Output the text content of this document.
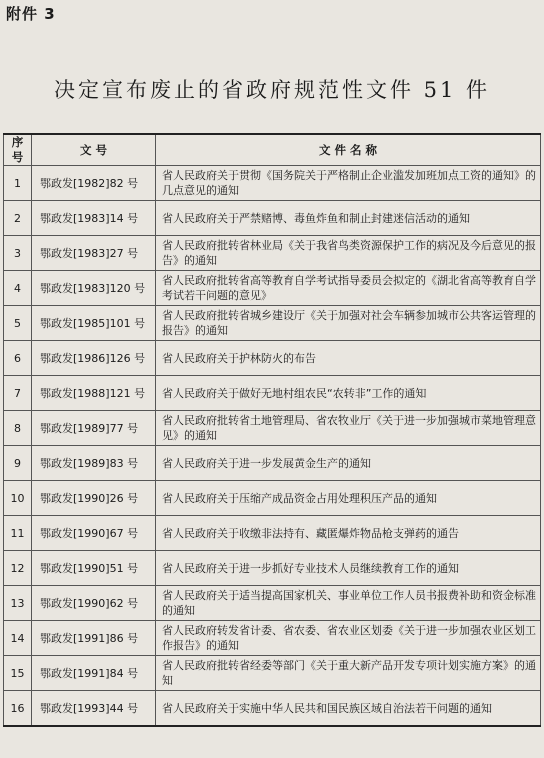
附件 3
决定宣布废止的省政府规范性文件 51 件
序号	文 号	文 件 名 称
1	鄂政发[1982]82 号	省人民政府关于贯彻《国务院关于严格制止企业滥发加班加点工资的通知》的几点意见的通知
2	鄂政发[1983]14 号	省人民政府关于严禁赌博、毒鱼炸鱼和制止封建迷信活动的通知
3	鄂政发[1983]27 号	省人民政府批转省林业局《关于我省鸟类资源保护工作的病况及今后意见的报告》的通知
4	鄂政发[1983]120 号	省人民政府批转省高等教育自学考试指导委员会拟定的《湖北省高等教育自学考试若干问题的意见》
5	鄂政发[1985]101 号	省人民政府批转省城乡建设厅《关于加强对社会车辆参加城市公共客运管理的报告》的通知
6	鄂政发[1986]126 号	省人民政府关于护林防火的布告
7	鄂政发[1988]121 号	省人民政府关于做好无地村组农民“农转非”工作的通知
8	鄂政发[1989]77 号	省人民政府批转省土地管理局、省农牧业厅《关于进一步加强城市菜地管理意见》的通知
9	鄂政发[1989]83 号	省人民政府关于进一步发展黄金生产的通知
10	鄂政发[1990]26 号	省人民政府关于压缩产成品资金占用处理积压产品的通知
11	鄂政发[1990]67 号	省人民政府关于收缴非法持有、藏匿爆炸物品枪支弹药的通告
12	鄂政发[1990]51 号	省人民政府关于进一步抓好专业技术人员继续教育工作的通知
13	鄂政发[1990]62 号	省人民政府关于适当提高国家机关、事业单位工作人员书报费补助和资金标准的通知
14	鄂政发[1991]86 号	省人民政府转发省计委、省农委、省农业区划委《关于进一步加强农业区划工作报告》的通知
15	鄂政发[1991]84 号	省人民政府批转省经委等部门《关于重大新产品开发专项计划实施方案》的通知
16	鄂政发[1993]44 号	省人民政府关于实施中华人民共和国民族区域自治法若干问题的通知
